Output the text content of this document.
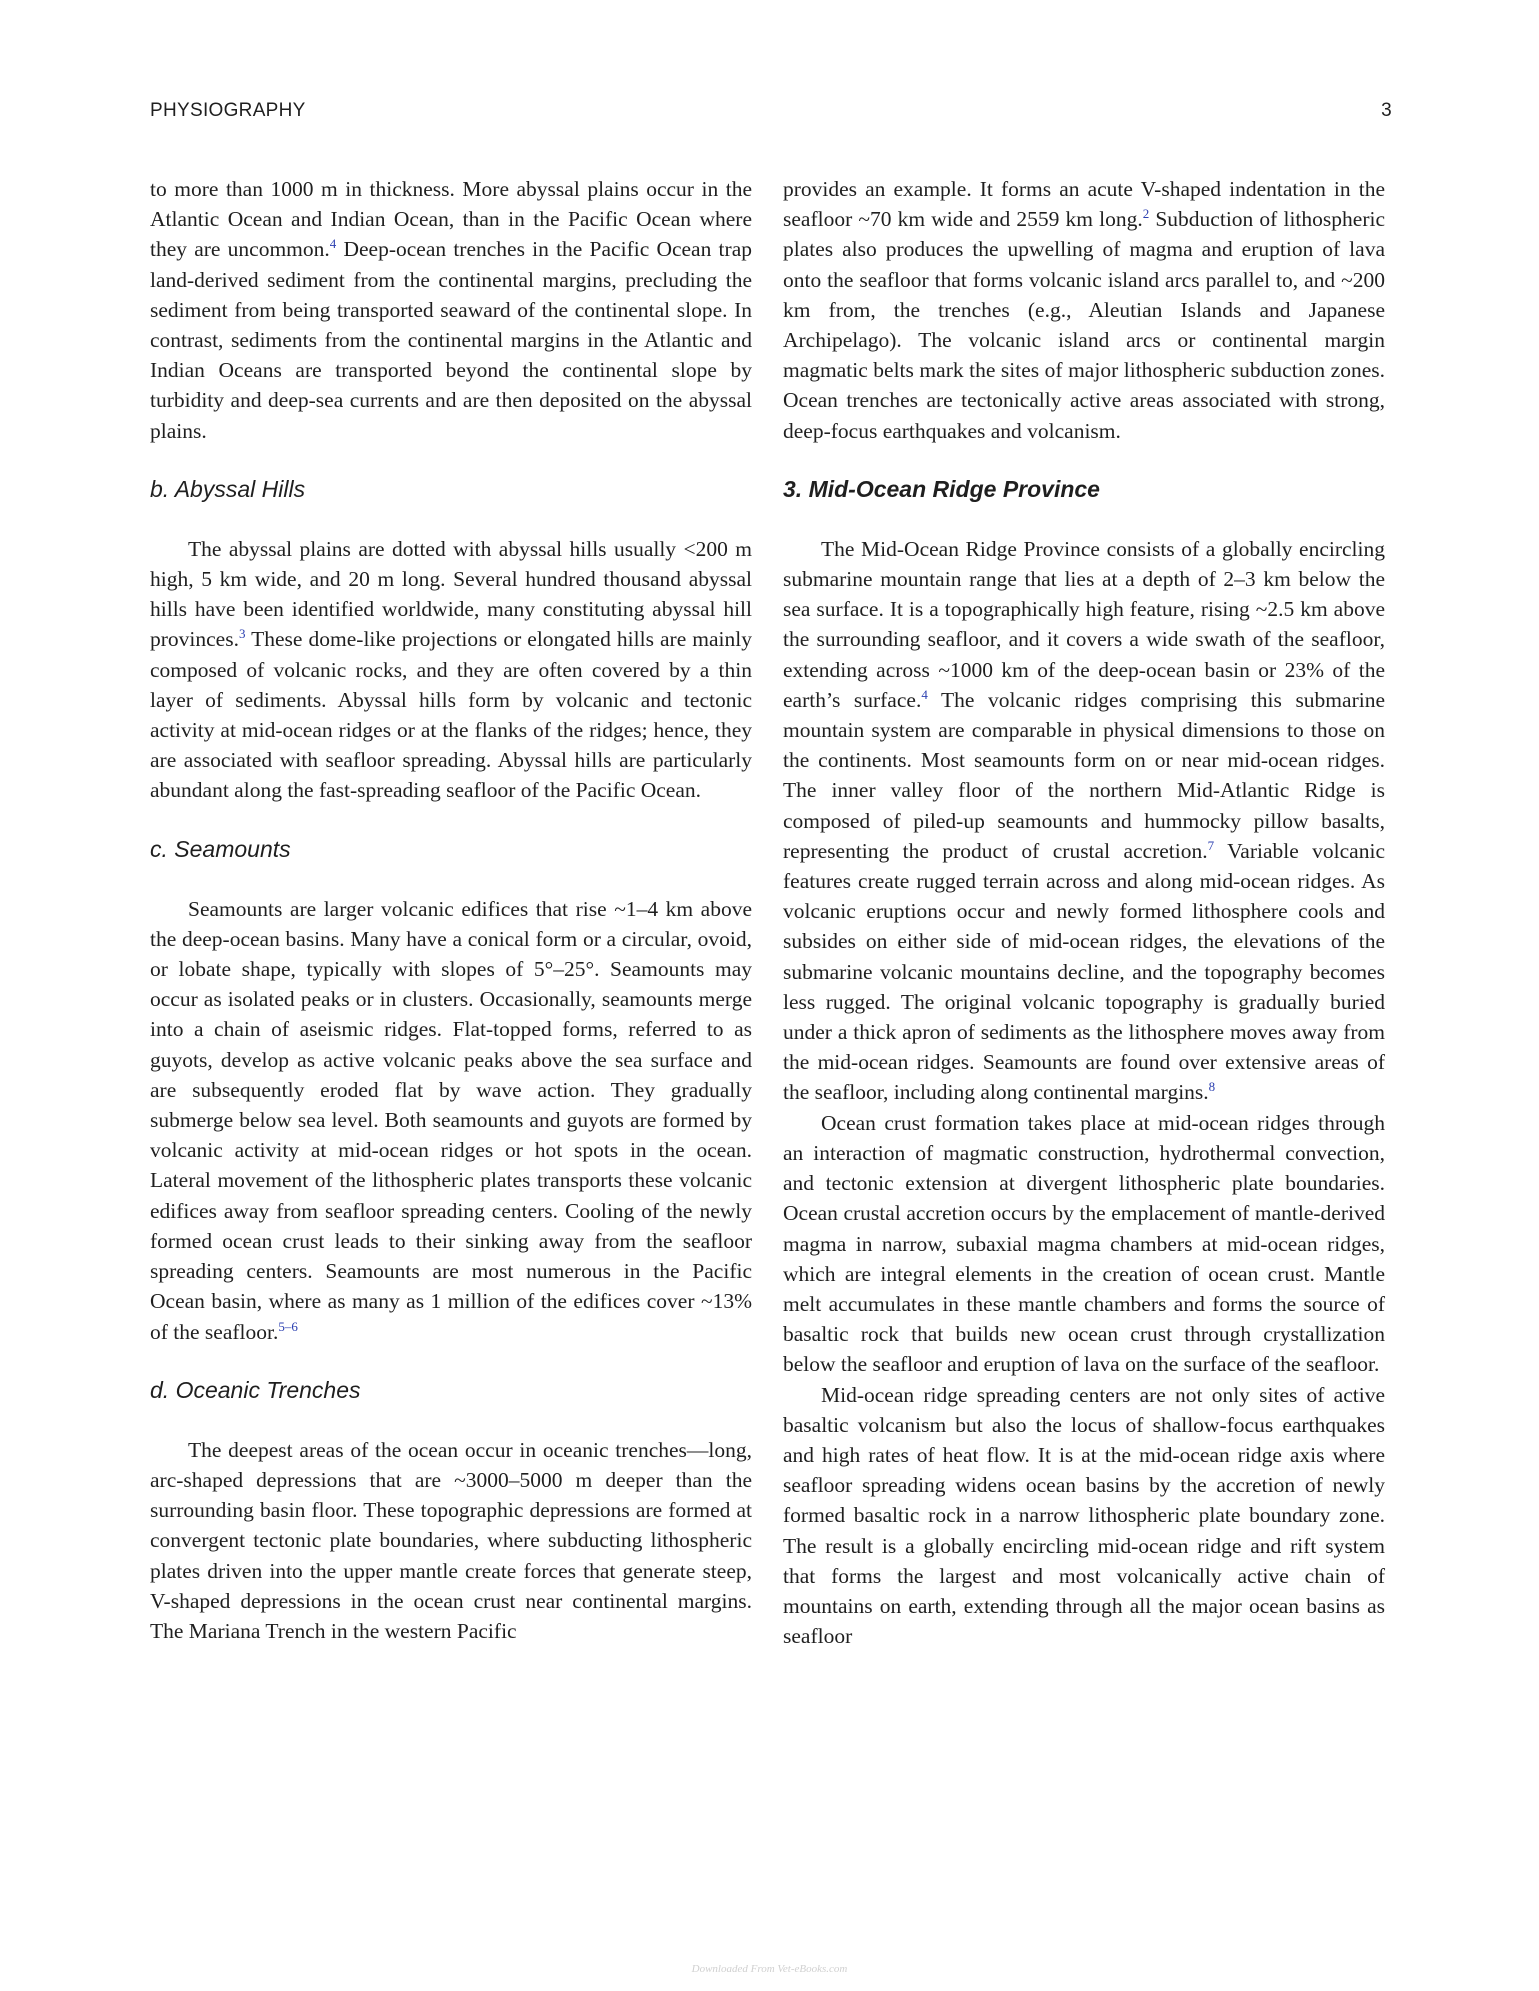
PHYSIOGRAPHY	3

to more than 1000 m in thickness. More abyssal plains occur in the Atlantic Ocean and Indian Ocean, than in the Pacific Ocean where they are uncommon.$^4$ Deep-ocean trenches in the Pacific Ocean trap land-derived sediment from the continental margins, precluding the sediment from being transported seaward of the continental slope. In contrast, sediments from the continental margins in the Atlantic and Indian Oceans are transported beyond the continental slope by turbidity and deep-sea currents and are then deposited on the abyssal plains.

b. Abyssal Hills

The abyssal plains are dotted with abyssal hills usually <200 m high, 5 km wide, and 20 m long. Several hundred thousand abyssal hills have been identified worldwide, many constituting abyssal hill provinces.$^3$ These dome-like projections or elongated hills are mainly composed of volcanic rocks, and they are often covered by a thin layer of sediments. Abyssal hills form by volcanic and tectonic activity at mid-ocean ridges or at the flanks of the ridges; hence, they are associated with seafloor spreading. Abyssal hills are particularly abundant along the fast-spreading seafloor of the Pacific Ocean.

c. Seamounts

Seamounts are larger volcanic edifices that rise ~1–4 km above the deep-ocean basins. Many have a conical form or a circular, ovoid, or lobate shape, typically with slopes of 5°–25°. Seamounts may occur as isolated peaks or in clusters. Occasionally, seamounts merge into a chain of aseismic ridges. Flat-topped forms, referred to as guyots, develop as active volcanic peaks above the sea surface and are subsequently eroded flat by wave action. They gradually submerge below sea level. Both seamounts and guyots are formed by volcanic activity at mid-ocean ridges or hot spots in the ocean. Lateral movement of the lithospheric plates transports these volcanic edifices away from seafloor spreading centers. Cooling of the newly formed ocean crust leads to their sinking away from the seafloor spreading centers. Seamounts are most numerous in the Pacific Ocean basin, where as many as 1 million of the edifices cover ~13% of the seafloor.$^{5-6}$

d. Oceanic Trenches

The deepest areas of the ocean occur in oceanic trenches—long, arc-shaped depressions that are ~3000–5000 m deeper than the surrounding basin floor. These topographic depressions are formed at convergent tectonic plate boundaries, where subducting lithospheric plates driven into the upper mantle create forces that generate steep, V-shaped depressions in the ocean crust near continental margins. The Mariana Trench in the western Pacific

provides an example. It forms an acute V-shaped indentation in the seafloor ~70 km wide and 2559 km long.$^2$ Subduction of lithospheric plates also produces the upwelling of magma and eruption of lava onto the seafloor that forms volcanic island arcs parallel to, and ~200 km from, the trenches (e.g., Aleutian Islands and Japanese Archipelago). The volcanic island arcs or continental margin magmatic belts mark the sites of major lithospheric subduction zones. Ocean trenches are tectonically active areas associated with strong, deep-focus earthquakes and volcanism.

3. Mid-Ocean Ridge Province

The Mid-Ocean Ridge Province consists of a globally encircling submarine mountain range that lies at a depth of 2–3 km below the sea surface. It is a topographically high feature, rising ~2.5 km above the surrounding seafloor, and it covers a wide swath of the seafloor, extending across ~1000 km of the deep-ocean basin or 23% of the earth’s surface.$^4$ The volcanic ridges comprising this submarine mountain system are comparable in physical dimensions to those on the continents. Most seamounts form on or near mid-ocean ridges. The inner valley floor of the northern Mid-Atlantic Ridge is composed of piled-up seamounts and hummocky pillow basalts, representing the product of crustal accretion.$^7$ Variable volcanic features create rugged terrain across and along mid-ocean ridges. As volcanic eruptions occur and newly formed lithosphere cools and subsides on either side of mid-ocean ridges, the elevations of the submarine volcanic mountains decline, and the topography becomes less rugged. The original volcanic topography is gradually buried under a thick apron of sediments as the lithosphere moves away from the mid-ocean ridges. Seamounts are found over extensive areas of the seafloor, including along continental margins.$^8$

Ocean crust formation takes place at mid-ocean ridges through an interaction of magmatic construction, hydrothermal convection, and tectonic extension at divergent lithospheric plate boundaries. Ocean crustal accretion occurs by the emplacement of mantle-derived magma in narrow, subaxial magma chambers at mid-ocean ridges, which are integral elements in the creation of ocean crust. Mantle melt accumulates in these mantle chambers and forms the source of basaltic rock that builds new ocean crust through crystallization below the seafloor and eruption of lava on the surface of the seafloor.

Mid-ocean ridge spreading centers are not only sites of active basaltic volcanism but also the locus of shallow-focus earthquakes and high rates of heat flow. It is at the mid-ocean ridge axis where seafloor spreading widens ocean basins by the accretion of newly formed basaltic rock in a narrow lithospheric plate boundary zone. The result is a globally encircling mid-ocean ridge and rift system that forms the largest and most volcanically active chain of mountains on earth, extending through all the major ocean basins as seafloor

Downloaded From Vet-eBooks.com
